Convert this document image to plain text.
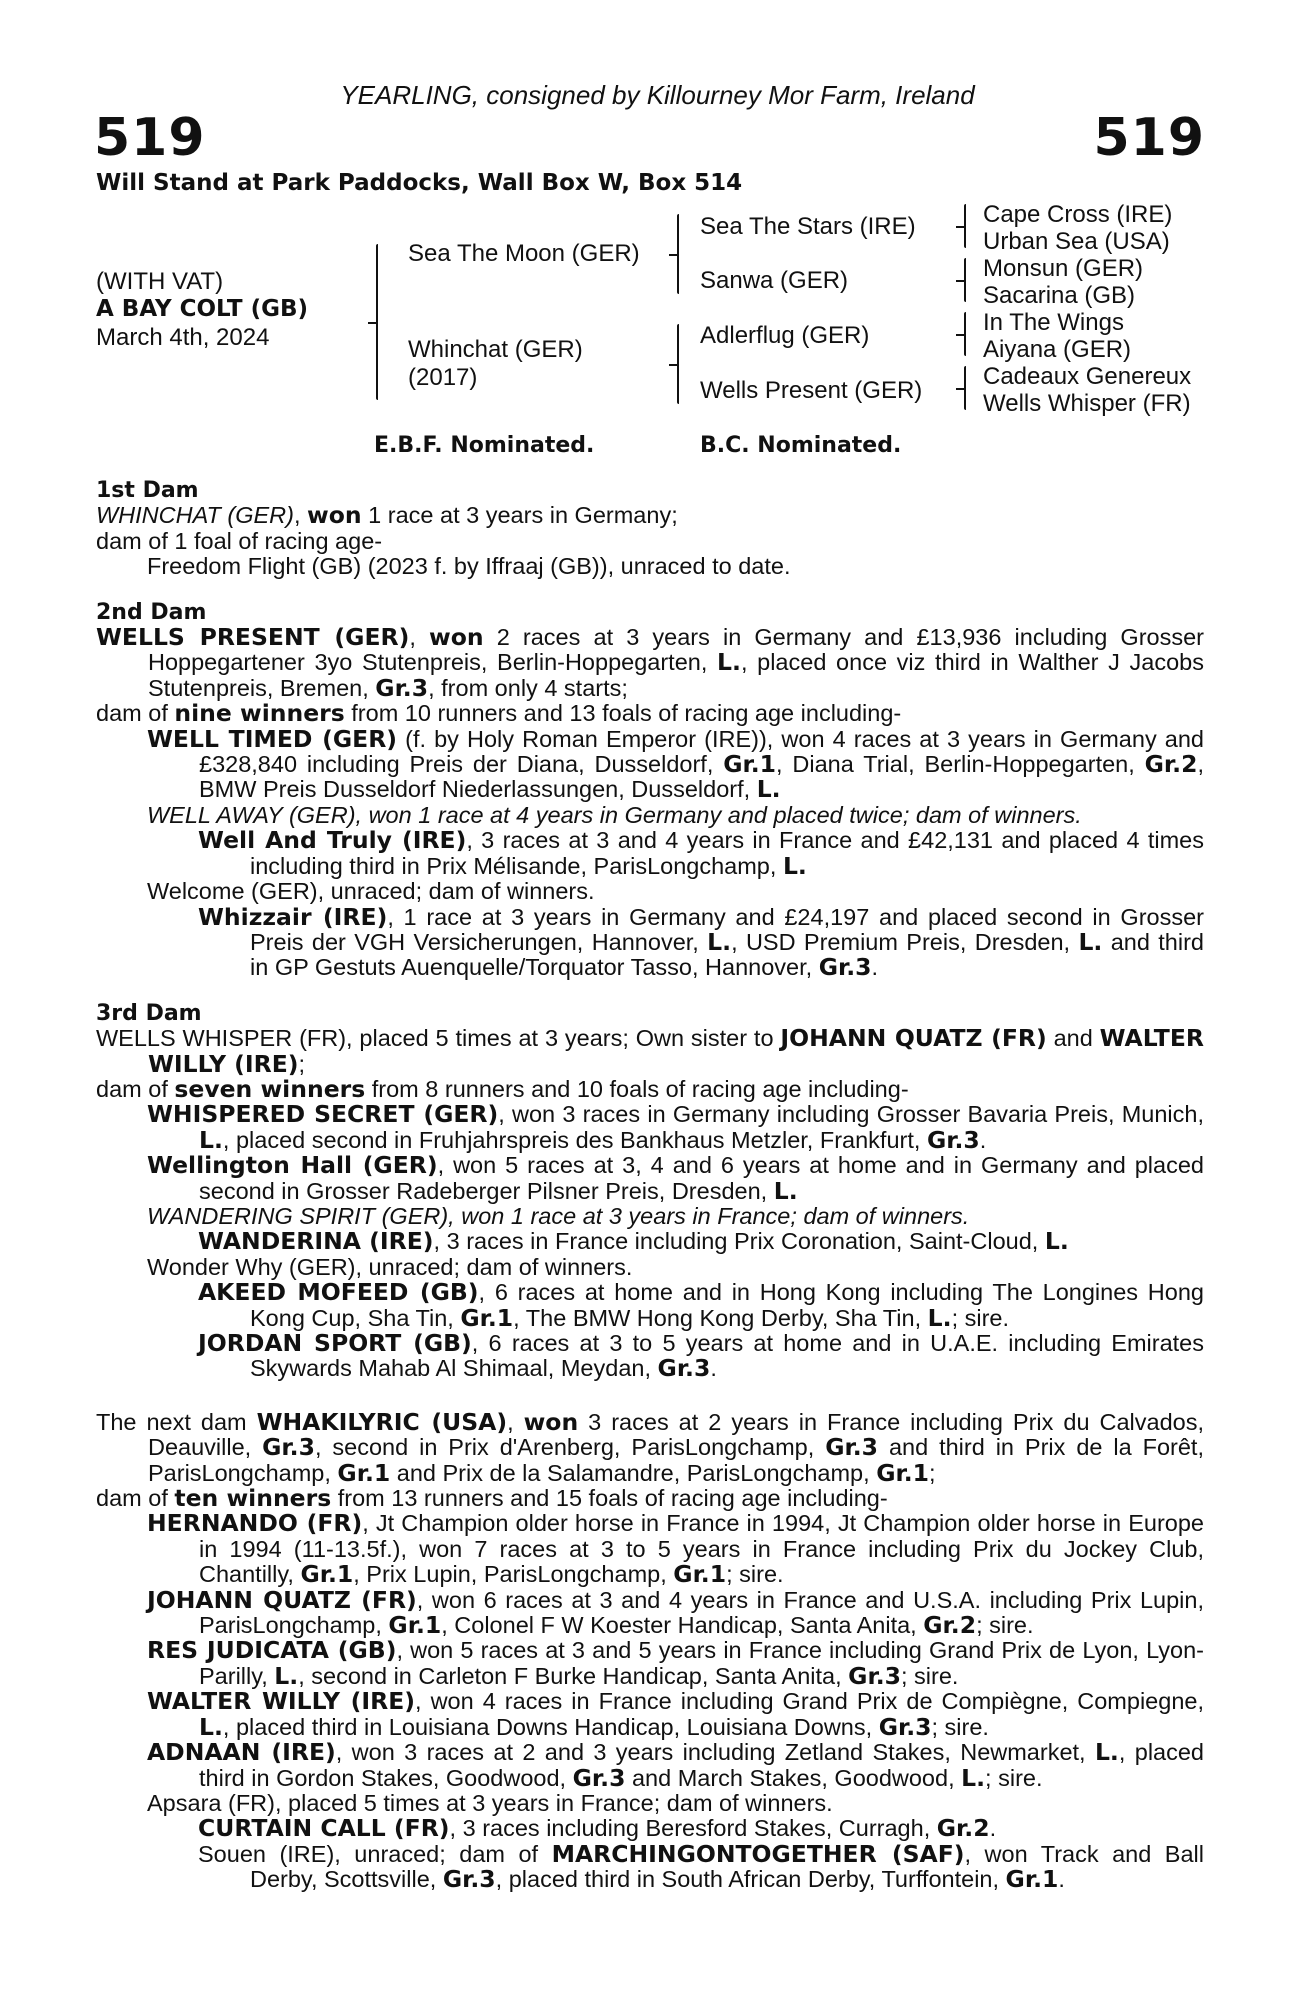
YEARLING, consigned by Killourney Mor Farm, Ireland
519	519
Will Stand at Park Paddocks, Wall Box W, Box 514
(WITH VAT)
A BAY COLT (GB)
March 4th, 2024
Sea The Moon (GER)
Whinchat (GER)
(2017)
Sea The Stars (IRE)
Sanwa (GER)
Adlerflug (GER)
Wells Present (GER)
Cape Cross (IRE)
Urban Sea (USA)
Monsun (GER)
Sacarina (GB)
In The Wings
Aiyana (GER)
Cadeaux Genereux
Wells Whisper (FR)
E.B.F. Nominated.	B.C. Nominated.
1st Dam
WHINCHAT (GER), won 1 race at 3 years in Germany;
dam of 1 foal of racing age-
Freedom Flight (GB) (2023 f. by Iffraaj (GB)), unraced to date.
2nd Dam
WELLS PRESENT (GER), won 2 races at 3 years in Germany and £13,936 including Grosser Hoppegartener 3yo Stutenpreis, Berlin-Hoppegarten, L., placed once viz third in Walther J Jacobs Stutenpreis, Bremen, Gr.3, from only 4 starts;
dam of nine winners from 10 runners and 13 foals of racing age including-
WELL TIMED (GER) (f. by Holy Roman Emperor (IRE)), won 4 races at 3 years in Germany and £328,840 including Preis der Diana, Dusseldorf, Gr.1, Diana Trial, Berlin-Hoppegarten, Gr.2, BMW Preis Dusseldorf Niederlassungen, Dusseldorf, L.
WELL AWAY (GER), won 1 race at 4 years in Germany and placed twice; dam of winners.
Well And Truly (IRE), 3 races at 3 and 4 years in France and £42,131 and placed 4 times including third in Prix Mélisande, ParisLongchamp, L.
Welcome (GER), unraced; dam of winners.
Whizzair (IRE), 1 race at 3 years in Germany and £24,197 and placed second in Grosser Preis der VGH Versicherungen, Hannover, L., USD Premium Preis, Dresden, L. and third in GP Gestuts Auenquelle/Torquator Tasso, Hannover, Gr.3.
3rd Dam
WELLS WHISPER (FR), placed 5 times at 3 years; Own sister to JOHANN QUATZ (FR) and WALTER WILLY (IRE);
dam of seven winners from 8 runners and 10 foals of racing age including-
WHISPERED SECRET (GER), won 3 races in Germany including Grosser Bavaria Preis, Munich, L., placed second in Fruhjahrspreis des Bankhaus Metzler, Frankfurt, Gr.3.
Wellington Hall (GER), won 5 races at 3, 4 and 6 years at home and in Germany and placed second in Grosser Radeberger Pilsner Preis, Dresden, L.
WANDERING SPIRIT (GER), won 1 race at 3 years in France; dam of winners.
WANDERINA (IRE), 3 races in France including Prix Coronation, Saint-Cloud, L.
Wonder Why (GER), unraced; dam of winners.
AKEED MOFEED (GB), 6 races at home and in Hong Kong including The Longines Hong Kong Cup, Sha Tin, Gr.1, The BMW Hong Kong Derby, Sha Tin, L.; sire.
JORDAN SPORT (GB), 6 races at 3 to 5 years at home and in U.A.E. including Emirates Skywards Mahab Al Shimaal, Meydan, Gr.3.
The next dam WHAKILYRIC (USA), won 3 races at 2 years in France including Prix du Calvados, Deauville, Gr.3, second in Prix d'Arenberg, ParisLongchamp, Gr.3 and third in Prix de la Forêt, ParisLongchamp, Gr.1 and Prix de la Salamandre, ParisLongchamp, Gr.1;
dam of ten winners from 13 runners and 15 foals of racing age including-
HERNANDO (FR), Jt Champion older horse in France in 1994, Jt Champion older horse in Europe in 1994 (11-13.5f.), won 7 races at 3 to 5 years in France including Prix du Jockey Club, Chantilly, Gr.1, Prix Lupin, ParisLongchamp, Gr.1; sire.
JOHANN QUATZ (FR), won 6 races at 3 and 4 years in France and U.S.A. including Prix Lupin, ParisLongchamp, Gr.1, Colonel F W Koester Handicap, Santa Anita, Gr.2; sire.
RES JUDICATA (GB), won 5 races at 3 and 5 years in France including Grand Prix de Lyon, Lyon-Parilly, L., second in Carleton F Burke Handicap, Santa Anita, Gr.3; sire.
WALTER WILLY (IRE), won 4 races in France including Grand Prix de Compiègne, Compiegne, L., placed third in Louisiana Downs Handicap, Louisiana Downs, Gr.3; sire.
ADNAAN (IRE), won 3 races at 2 and 3 years including Zetland Stakes, Newmarket, L., placed third in Gordon Stakes, Goodwood, Gr.3 and March Stakes, Goodwood, L.; sire.
Apsara (FR), placed 5 times at 3 years in France; dam of winners.
CURTAIN CALL (FR), 3 races including Beresford Stakes, Curragh, Gr.2.
Souen (IRE), unraced; dam of MARCHINGONTOGETHER (SAF), won Track and Ball Derby, Scottsville, Gr.3, placed third in South African Derby, Turffontein, Gr.1.
